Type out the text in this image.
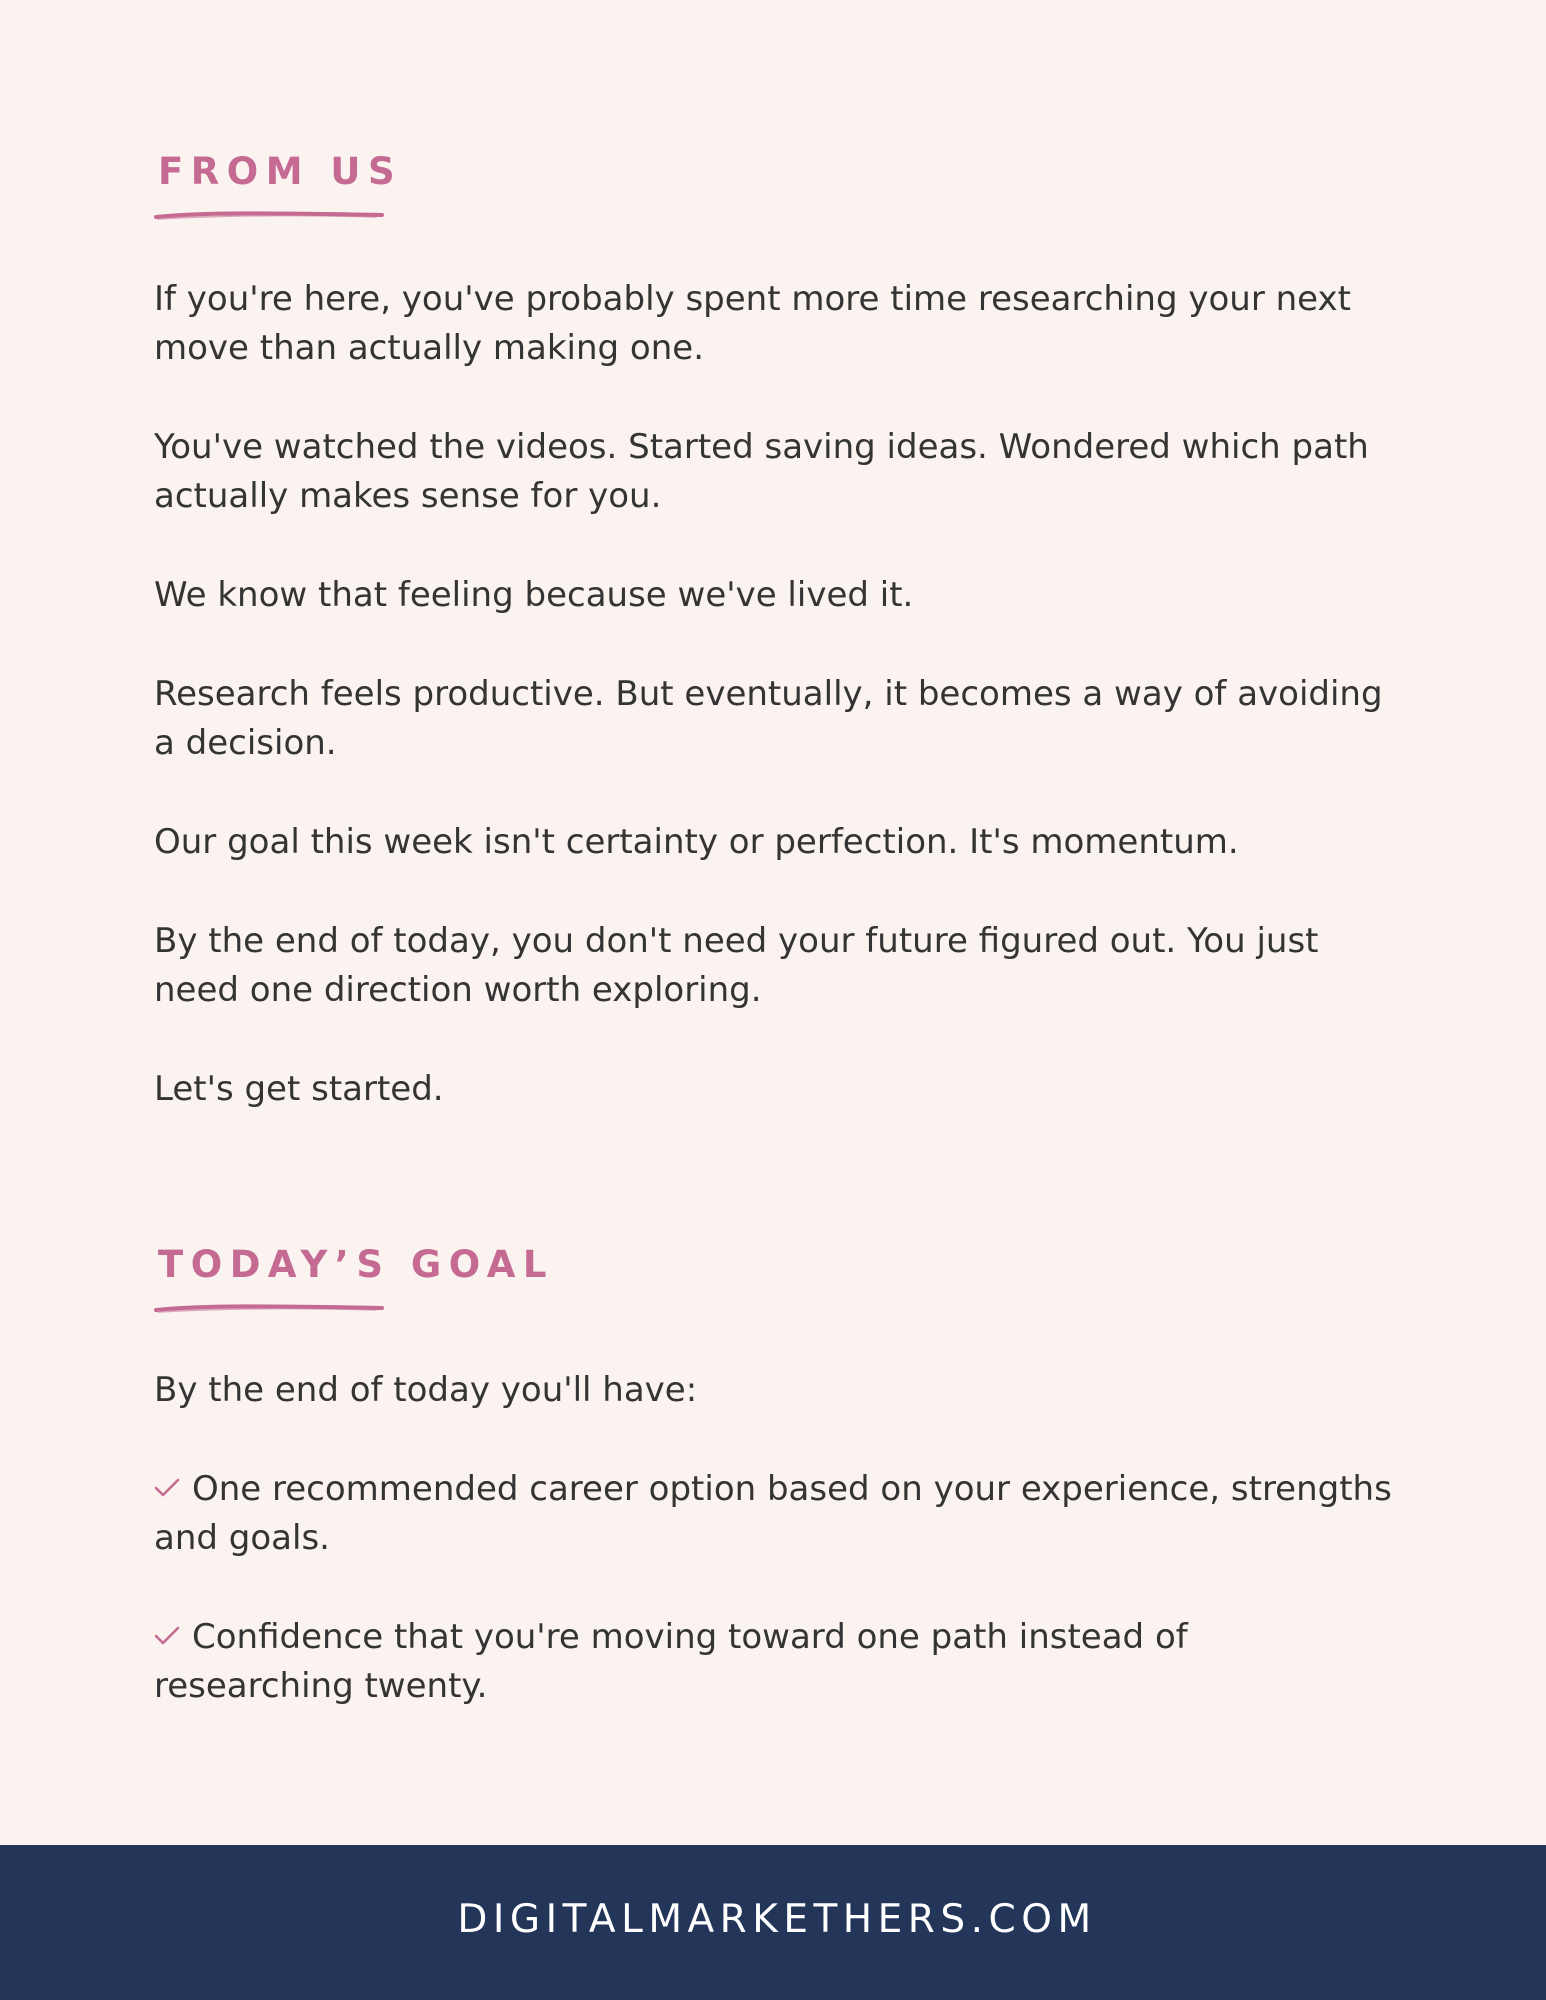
FROM US

If you're here, you've probably spent more time researching your next move than actually making one.

You've watched the videos. Started saving ideas. Wondered which path actually makes sense for you.

We know that feeling because we've lived it.

Research feels productive. But eventually, it becomes a way of avoiding a decision.

Our goal this week isn't certainty or perfection. It's momentum.

By the end of today, you don't need your future figured out. You just need one direction worth exploring.

Let's get started.

TODAY’S GOAL

By the end of today you'll have:

One recommended career option based on your experience, strengths and goals.
Confidence that you're moving toward one path instead of researching twenty.
DIGITALMARKETHERS.COM
